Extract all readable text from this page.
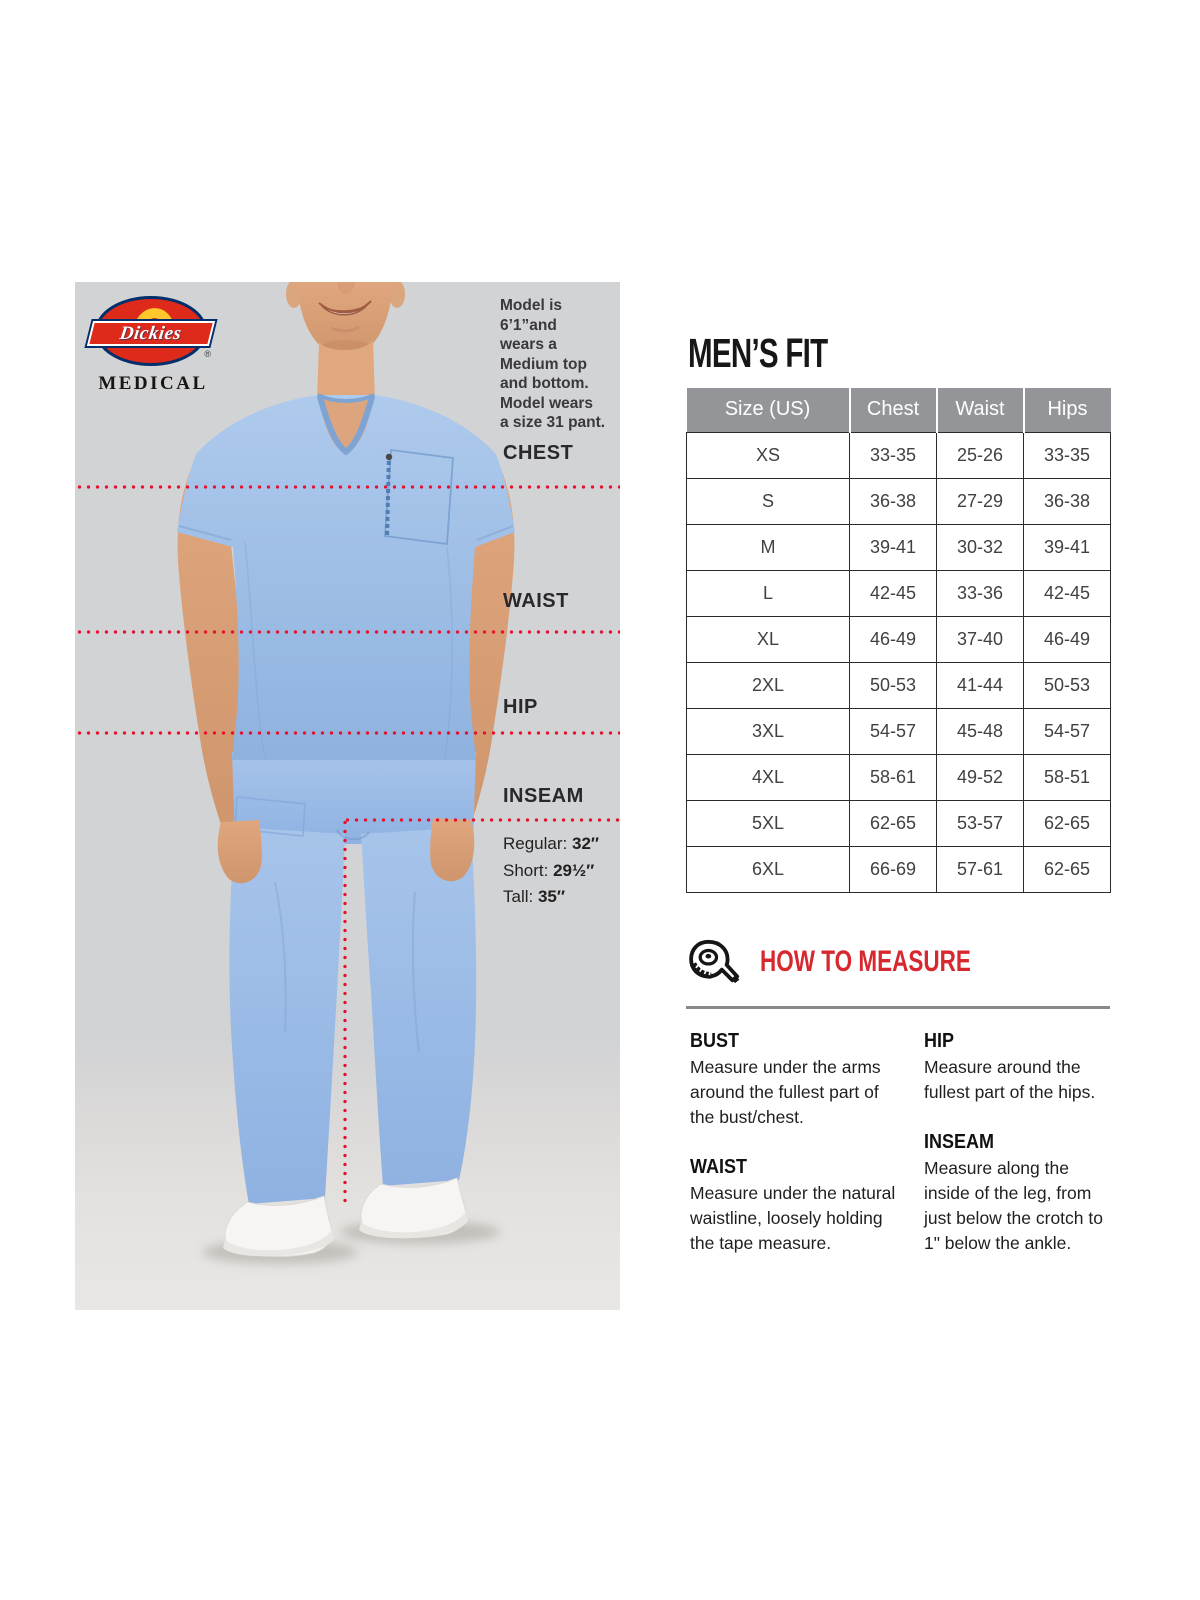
Dickies
®
MEDICAL
Model is
6’1”and
wears a
Medium top
and bottom.
Model wears
a size 31 pant.
CHEST
WAIST
HIP
INSEAM
Regular: 32″
Short: 29½″
Tall: 35″
MEN’S FIT
Size (US)	Chest	Waist	Hips
XS	33-35	25-26	33-35
S	36-38	27-29	36-38
M	39-41	30-32	39-41
L	42-45	33-36	42-45
XL	46-49	37-40	46-49
2XL	50-53	41-44	50-53
3XL	54-57	45-48	54-57
4XL	58-61	49-52	58-51
5XL	62-65	53-57	62-65
6XL	66-69	57-61	62-65
HOW TO MEASURE
BUST
Measure under the arms around the fullest part of the bust/chest.
WAIST
Measure under the natural waistline, loosely holding the tape measure.
HIP
Measure around the fullest part of the hips.
INSEAM
Measure along the inside of the leg, from just below the crotch to 1" below the ankle.
